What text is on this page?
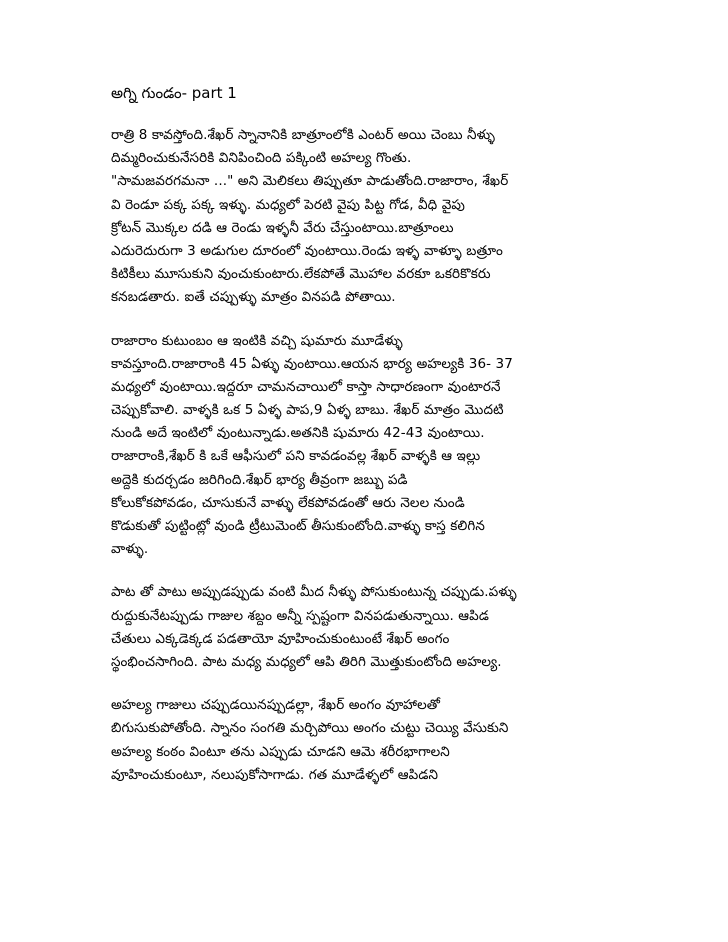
అగ్ని గుండం- part 1
రాత్రి 8 కావస్తోంది.శేఖర్ స్నానానికి బాత్రూంలోకి ఎంటర్ అయి చెంబు నీళ్ళు
దిమ్మరించుకునేసరికి వినిపించింది పక్కింటి అహల్య గొంతు.
"సామజవరగమనా ..." అని మెలికలు తిప్పుతూ పాడుతోంది.రాజారాం, శేఖర్
వి రెండూ పక్క పక్క ఇళ్ళు. మధ్యలో పెరటి వైపు పిట్ట గోడ, వీధి వైపు
క్రోటన్ మొక్కల దడి ఆ రెండు ఇళ్ళనీ వేరు చేస్తుంటాయి.బాత్రూంలు
ఎదురెదురుగా 3 అడుగుల దూరంలో వుంటాయి.రెండు ఇళ్ళ వాళ్ళూ బత్రూం
కిటికీలు మూసుకుని వుంచుకుంటారు.లేకపోతే మొహాల వరకూ ఒకరికొకరు
కనబడతారు. ఐతే చప్పుళ్ళు మాత్రం వినపడి పోతాయి.
రాజారాం కుటుంబం ఆ ఇంటికి వచ్చి షుమారు మూడేళ్ళు
కావస్తూంది.రాజారాంకి 45 ఏళ్ళు వుంటాయి.ఆయన భార్య అహల్యకి 36- 37
మధ్యలో వుంటాయి.ఇద్దరూ చామనచాయిలో కాస్తా సాధారణంగా వుంటారనే
చెప్పుకోవాలి. వాళ్ళకి ఒక 5 ఏళ్ళ పాప,9 ఏళ్ళ బాబు. శేఖర్ మాత్రం మొదటి
నుండి అదే ఇంటిలో వుంటున్నాడు.అతనికి షుమారు 42-43 వుంటాయి.
రాజారాంకి,శేఖర్ కి ఒకే ఆఫీసులో పని కావడంవల్ల శేఖర్ వాళ్ళకి ఆ ఇల్లు
అద్దెకి కుదర్చడం జరిగింది.శేఖర్ భార్య తీవ్రంగా జబ్బు పడి
కోలుకోకపోవడం, చూసుకునే వాళ్ళు లేకపోవడంతో ఆరు నెలల నుండి
కొడుకుతో పుట్టింట్లో వుండి ట్రీటుమెంట్ తీసుకుంటోంది.వాళ్ళు కాస్త కలిగిన
వాళ్ళు.
పాట తో పాటు అప్పుడప్పుడు వంటి మీద నీళ్ళు పోసుకుంటున్న చప్పుడు.పళ్ళు
రుద్దుకునేటప్పుడు గాజుల శబ్దం అన్నీ స్పష్టంగా వినపడుతున్నాయి. ఆపిడ
చేతులు ఎక్కడెక్కడ పడతాయో వూహించుకుంటుంటే శేఖర్ అంగం
స్థంభించసాగింది. పాట మధ్య మధ్యలో ఆపి తిరిగి మొత్తుకుంటోంది అహల్య.
అహల్య గాజులు చప్పుడయినప్పుడల్లా, శేఖర్ అంగం వూహాలతో
బిగుసుకుపోతోంది. స్నానం సంగతి మర్చిపోయి అంగం చుట్టు చెయ్యి వేసుకుని
అహల్య కంఠం వింటూ తను ఎప్పుడు చూడని ఆమె శరీరభాగాలని
వూహించుకుంటూ, నలుపుకోసాగాడు. గత మూడేళ్ళలో ఆపిడని
